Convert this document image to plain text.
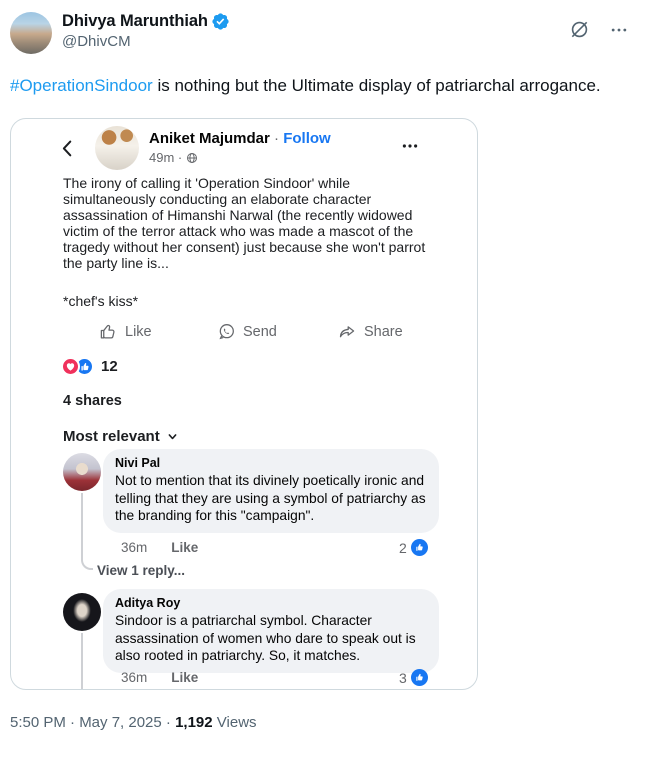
Dhivya Marunthiah
@DhivCM
#OperationSindoor is nothing but the Ultimate display of patriarchal arrogance.
Aniket Majumdar · Follow
49m ·
The irony of calling it 'Operation Sindoor' while simultaneously conducting an elaborate character assassination of Himanshi Narwal (the recently widowed victim of the terror attack who was made a mascot of the tragedy without her consent) just because she won't parrot the party line is...
*chef's kiss*
Like	Send	Share
12
4 shares
Most relevant
Nivi Pal
Not to mention that its divinely poetically ironic and telling that they are using a symbol of patriarchy as the branding for this "campaign".
36m Like	2
View 1 reply...
Aditya Roy
Sindoor is a patriarchal symbol. Character assassination of women who dare to speak out is also rooted in patriarchy. So, it matches.
36m Like	3
5:50 PM · May 7, 2025 · 1,192 Views
